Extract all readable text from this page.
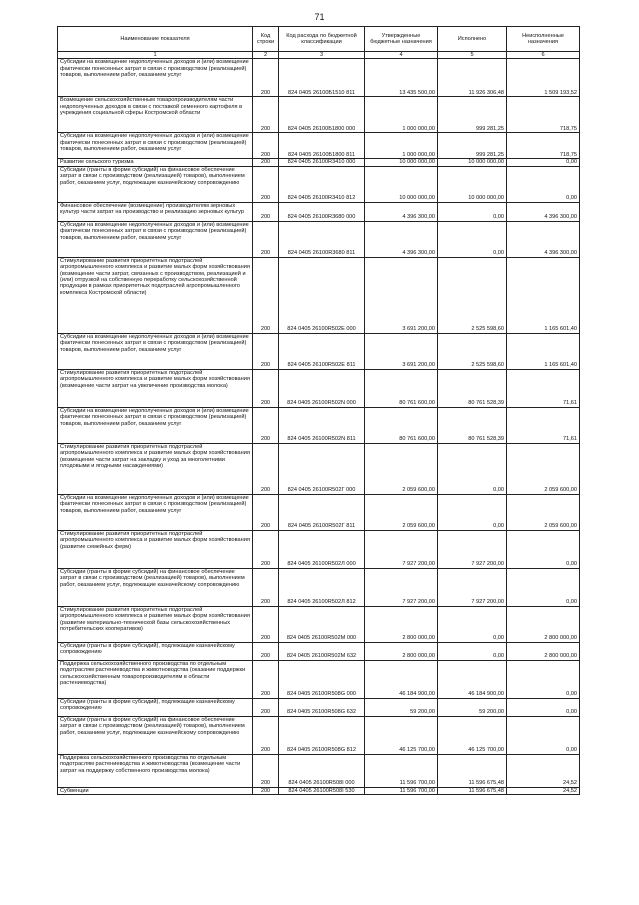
71
Наименование показателя	Код строки	Код расхода по бюджетной классификации	Утвержденные бюджетные назначения	Исполнено	Неисполненные назначения
1	2	3	4	5	6
Субсидии на возмещение недополученных доходов и (или) возмещение фактически понесенных затрат в связи с производством (реализацией) товаров, выполнением работ, оказанием услуг	200	824 0405 26100Б1510 811	13 435 500,00	11 926 306,48	1 509 193,52
Возмещение сельскохозяйственным товаропроизводителям части недополученных доходов в связи с поставкой семенного картофеля в учреждения социальной сферы Костромской области	200	824 0405 26100Б1800 000	1 000 000,00	999 281,25	718,75
Субсидии на возмещение недополученных доходов и (или) возмещение фактически понесенных затрат в связи с производством (реализацией) товаров, выполнением работ, оказанием услуг	200	824 0405 26100Б1800 811	1 000 000,00	999 281,25	718,75
Развитие сельского туризма	200	824 0405 26100R3410 000	10 000 000,00	10 000 000,00	0,00
Субсидии (гранты в форме субсидий) на финансовое обеспечение затрат в связи с производством (реализацией) товаров), выполнением работ, оказанием услуг, подлежащие казначейскому сопровождению	200	824 0405 26100R3410 812	10 000 000,00	10 000 000,00	0,00
Финансовое обеспечение (возмещение) производителям зерновых культур части затрат на производство и реализацию зерновых культур	200	824 0405 26100R3680 000	4 396 300,00	0,00	4 396 300,00
Субсидии на возмещение недополученных доходов и (или) возмещение фактически понесенных затрат в связи с производством (реализацией) товаров, выполнением работ, оказанием услуг	200	824 0405 26100R3680 811	4 396 300,00	0,00	4 396 300,00
Стимулирование развития приоритетных подотраслей агропромышленного комплекса и развитие малых форм хозяйствования (возмещение части затрат, связанных с производством, реализацией и (или) отгрузкой на собственную переработку сельскохозяйственной продукции в рамках приоритетных подотраслей агропромышленного комплекса Костромской области)	200	824 0405 26100R502Е 000	3 691 200,00	2 525 598,60	1 165 601,40
Субсидии на возмещение недополученных доходов и (или) возмещение фактически понесенных затрат в связи с производством (реализацией) товаров, выполнением работ, оказанием услуг	200	824 0405 26100R502Е 811	3 691 200,00	2 525 598,60	1 165 601,40
Стимулирование развития приоритетных подотраслей агропромышленного комплекса и развитие малых форм хозяйствования (возмещение части затрат на увеличение производства молока)	200	824 0405 26100R502N 000	80 761 600,00	80 761 528,39	71,61
Субсидии на возмещение недополученных доходов и (или) возмещение фактически понесенных затрат в связи с производством (реализацией) товаров, выполнением работ, оказанием услуг	200	824 0405 26100R502N 811	80 761 600,00	80 761 528,39	71,61
Стимулирование развития приоритетных подотраслей агропромышленного комплекса и развитие малых форм хозяйствования (возмещение части затрат на закладку и уход за многолетними плодовыми и ягодными насаждениями)	200	824 0405 26100R502Г 000	2 059 600,00	0,00	2 059 600,00
Субсидии на возмещение недополученных доходов и (или) возмещение фактически понесенных затрат в связи с производством (реализацией) товаров, выполнением работ, оказанием услуг	200	824 0405 26100R502Г 811	2 059 600,00	0,00	2 059 600,00
Стимулирование развития приоритетных подотраслей агропромышленного комплекса и развитие малых форм хозяйствования (развитие семейных ферм)	200	824 0405 26100R502Л 000	7 927 200,00	7 927 200,00	0,00
Субсидии (гранты в форме субсидий) на финансовое обеспечение затрат в связи с производством (реализацией) товаров), выполнением работ, оказанием услуг, подлежащие казначейскому сопровождению	200	824 0405 26100R502Л 812	7 927 200,00	7 927 200,00	0,00
Стимулирование развития приоритетных подотраслей агропромышленного комплекса и развитие малых форм хозяйствования (развитие материально-технической базы сельскохозяйственных потребительских кооперативов)	200	824 0405 26100R502М 000	2 800 000,00	0,00	2 800 000,00
Субсидии (гранты в форме субсидий), подлежащие казначейскому сопровождению	200	824 0405 26100R502М 632	2 800 000,00	0,00	2 800 000,00
Поддержка сельскохозяйственного производства по отдельным подотраслям растениеводства и животноводства (оказание поддержки сельскохозяйственным товаропроизводителям в области растениеводства)	200	824 0405 26100R508G 000	46 184 900,00	46 184 900,00	0,00
Субсидии (гранты в форме субсидий), подлежащие казначейскому сопровождению	200	824 0405 26100R508G 632	59 200,00	59 200,00	0,00
Субсидии (гранты в форме субсидий) на финансовое обеспечение затрат в связи с производством (реализацией) товаров), выполнением работ, оказанием услуг, подлежащие казначейскому сопровождению	200	824 0405 26100R508G 812	46 125 700,00	46 125 700,00	0,00
Поддержка сельскохозяйственного производства по отдельным подотраслям растениеводства и животноводства (возмещение части затрат на поддержку собственного производства молока)	200	824 0405 26100R508I 000	11 596 700,00	11 596 675,48	24,52
Субвенции	200	824 0405 26100R508I 530	11 596 700,00	11 596 675,48	24,52
